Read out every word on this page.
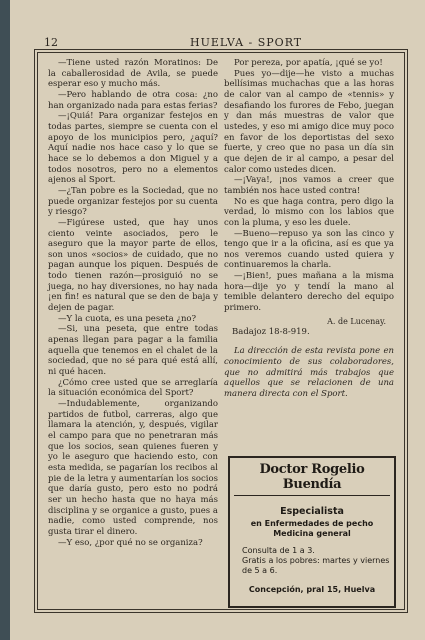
12	HUELVA - SPORT

—Tiene usted razón Moratinos: De la caballerosidad de Avila, se puede esperar eso y mucho más.

—Pero hablando de otra cosa: ¿no han organizado nada para estas ferias?

—¡Quiá! Para organizar festejos en todas partes, siempre se cuenta con el apoyo de los municipios pero, ¿aquí? Aquí nadie nos hace caso y lo que se hace se lo debemos a don Miguel y a todos nosotros, pero no a elementos ajenos al Sport.

—¿Tan pobre es la Sociedad, que no puede organizar festejos por su cuenta y riesgo?

—Figúrese usted, que hay unos ciento veinte asociados, pero le aseguro que la mayor parte de ellos, son unos «socios» de cuidado, que no pagan aunque los piquen. Después de todo tienen razón—prosiguió no se juega, no hay diversiones, no hay nada ¡en fin! es natural que se den de baja y dejen de pagar.

—Y la cuota, es una peseta ¿no?

—Si, una peseta, que entre todas apenas llegan para pagar a la familia aquella que tenemos en el chalet de la sociedad, que no sé para qué está allí, ni qué hacen.

¿Cómo cree usted que se arreglaría la situación económica del Sport?

—Indudablemente, organizando partidos de futbol, carreras, algo que llamara la atención, y, después, vigilar el campo para que no penetraran más que los socios, sean quienes fueren y yo le aseguro que haciendo esto, con esta medida, se pagarían los recibos al pie de la letra y aumentarían los socios que daría gusto, pero esto no podrá ser un hecho hasta que no haya más disciplina y se organice a gusto, pues a nadie, como usted comprende, nos gusta tirar el dinero.

—Y eso, ¿por qué no se organiza?

Por pereza, por apatía, ¡qué se yo!

Pues yo—dije—he visto a muchas bellísimas muchachas que a las horas de calor van al campo de «tennis» y desafiando los furores de Febo, juegan y dan más muestras de valor que ustedes, y eso mi amigo dice muy poco en favor de los deportistas del sexo fuerte, y creo que no pasa un día sin que dejen de ir al campo, a pesar del calor como ustedes dicen.

—¡Vaya!, ¡nos vamos a creer que también nos hace usted contra!

No es que haga contra, pero digo la verdad, lo mismo con los labios que con la pluma, y eso les duele.

—Bueno—repuso ya son las cinco y tengo que ir a la oficina, así es que ya nos veremos cuando usted quiera y continuaremos la charla.

—¡Bien!, pues mañana a la misma hora—dije yo y tendí la mano al temible delantero derecho del equipo primero.

A. de Lucenay.

Badajoz 18-8-919.

La dirección de esta revista pone en conocimiento de sus colaboradores, que no admitirá más trabajos que aquellos que se relacionen de una manera directa con el Sport.

Doctor Rogelio Buendía
Especialista
en Enfermedades de pecho
Medicina general
Consulta de 1 a 3.
Gratis a los pobres: martes y viernes de 5 a 6.
Concepción, pral 15, Huelva
